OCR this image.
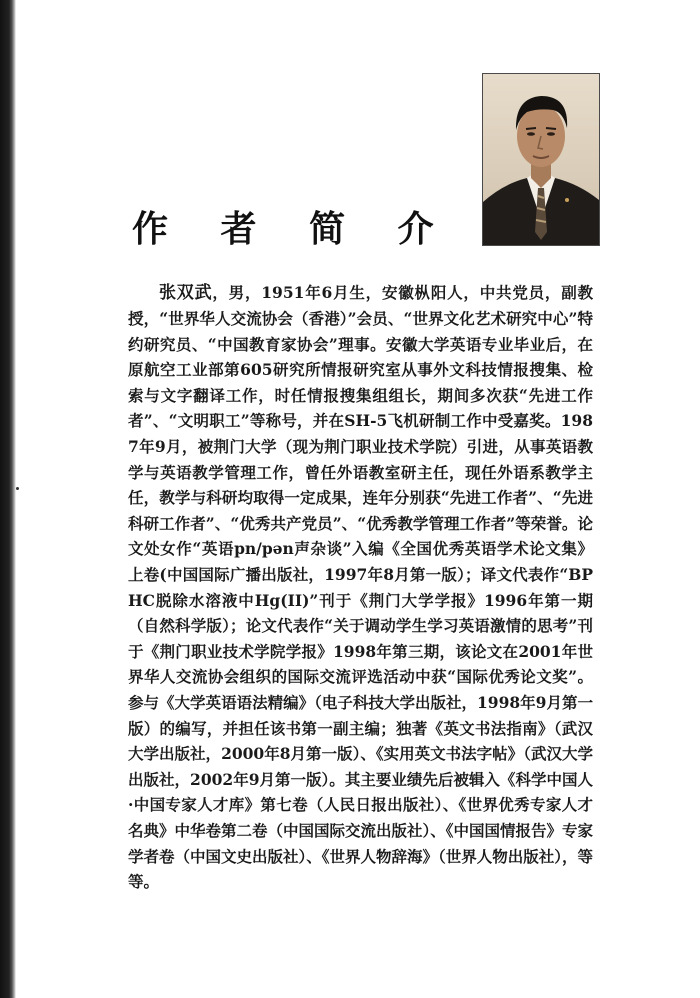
作 者 简 介

张双武，男，1951年6月生，安徽枞阳人，中共党员，副教授，“世界华人交流协会（香港）”会员、“世界文化艺术研究中心”特约研究员、“中国教育家协会”理事。安徽大学英语专业毕业后，在原航空工业部第605研究所情报研究室从事外文科技情报搜集、检索与文字翻译工作，时任情报搜集组组长，期间多次获“先进工作者”、“文明职工”等称号，并在SH-5飞机研制工作中受嘉奖。1987年9月，被荆门大学（现为荆门职业技术学院）引进，从事英语教学与英语教学管理工作，曾任外语教室研主任，现任外语系教学主任，教学与科研均取得一定成果，连年分别获“先进工作者”、“先进科研工作者”、“优秀共产党员”、“优秀教学管理工作者”等荣誉。论文处女作“英语pn/pən声杂谈”入编《全国优秀英语学术论文集》上卷(中国国际广播出版社，1997年8月第一版）；译文代表作“BPHC脱除水溶液中Hg(II)”刊于《荆门大学学报》1996年第一期（自然科学版）；论文代表作“关于调动学生学习英语激情的思考”刊于《荆门职业技术学院学报》1998年第三期，该论文在2001年世界华人交流协会组织的国际交流评选活动中获“国际优秀论文奖”。参与《大学英语语法精编》（电子科技大学出版社，1998年9月第一版）的编写，并担任该书第一副主编；独著《英文书法指南》（武汉大学出版社，2000年8月第一版）、《实用英文书法字帖》（武汉大学出版社，2002年9月第一版）。其主要业绩先后被辑入《科学中国人·中国专家人才库》第七卷（人民日报出版社）、《世界优秀专家人才名典》中华卷第二卷（中国国际交流出版社）、《中国国情报告》专家学者卷（中国文史出版社）、《世界人物辞海》（世界人物出版社），等等。
